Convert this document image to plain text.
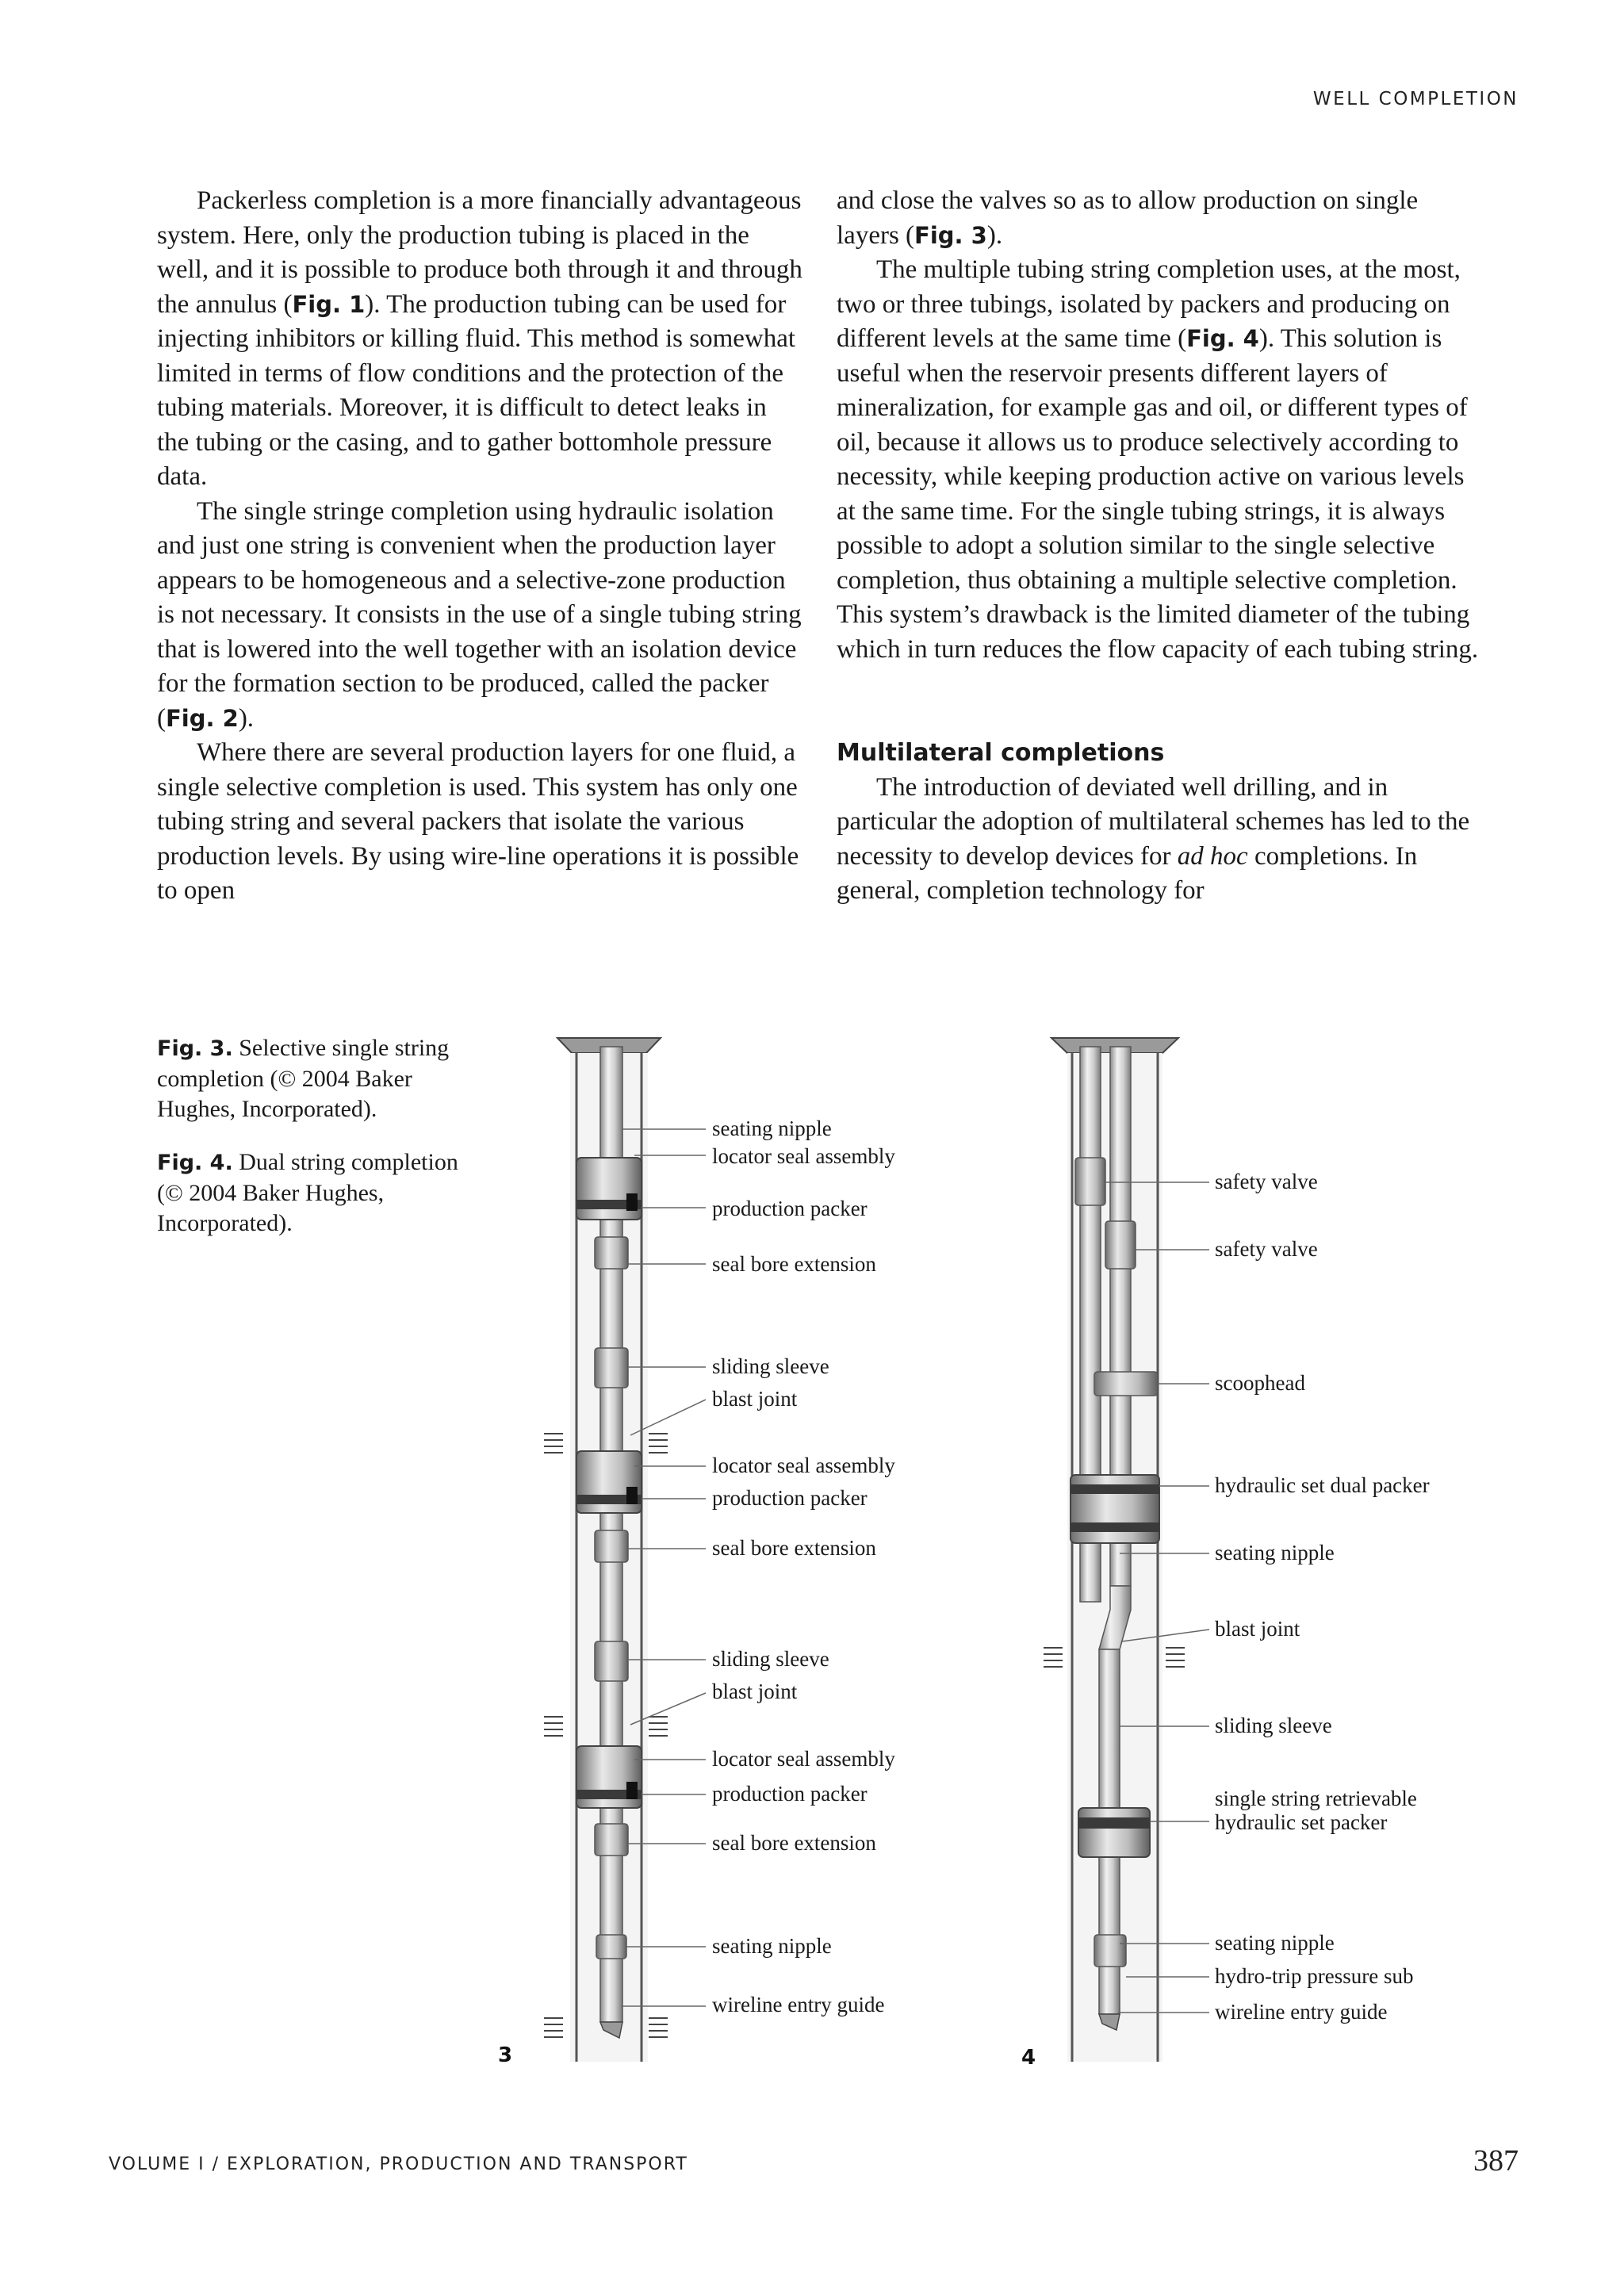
WELL COMPLETION

Packerless completion is a more financially advantageous system. Here, only the production tubing is placed in the well, and it is possible to produce both through it and through the annulus (Fig. 1). The production tubing can be used for injecting inhibitors or killing fluid. This method is somewhat limited in terms of flow conditions and the protection of the tubing materials. Moreover, it is difficult to detect leaks in the tubing or the casing, and to gather bottomhole pressure data.

The single stringe completion using hydraulic isolation and just one string is convenient when the production layer appears to be homogeneous and a selective-zone production is not necessary. It consists in the use of a single tubing string that is lowered into the well together with an isolation device for the formation section to be produced, called the packer (Fig. 2).

Where there are several production layers for one fluid, a single selective completion is used. This system has only one tubing string and several packers that isolate the various production levels. By using wire-line operations it is possible to open

and close the valves so as to allow production on single layers (Fig. 3).

The multiple tubing string completion uses, at the most, two or three tubings, isolated by packers and producing on different levels at the same time (Fig. 4). This solution is useful when the reservoir presents different layers of mineralization, for example gas and oil, or different types of oil, because it allows us to produce selectively according to necessity, while keeping production active on various levels at the same time. For the single tubing strings, it is always possible to adopt a solution similar to the single selective completion, thus obtaining a multiple selective completion. This system’s drawback is the limited diameter of the tubing which in turn reduces the flow capacity of each tubing string.

Multilateral completions

The introduction of deviated well drilling, and in particular the adoption of multilateral schemes has led to the necessity to develop devices for ad hoc completions. In general, completion technology for

Fig. 3. Selective single string completion (© 2004 Baker Hughes, Incorporated).

Fig. 4. Dual string completion (© 2004 Baker Hughes, Incorporated).

seating nipple
locator seal assembly
production packer
seal bore extension
sliding sleeve
blast joint
locator seal assembly
production packer
seal bore extension
sliding sleeve
blast joint
locator seal assembly
production packer
seal bore extension
seating nipple
wireline entry guide
3
safety valve
safety valve
scoophead
hydraulic set dual packer
seating nipple
blast joint
sliding sleeve
single string retrievable
hydraulic set packer
seating nipple
hydro-trip pressure sub
wireline entry guide
4
VOLUME I / EXPLORATION, PRODUCTION AND TRANSPORT	387
